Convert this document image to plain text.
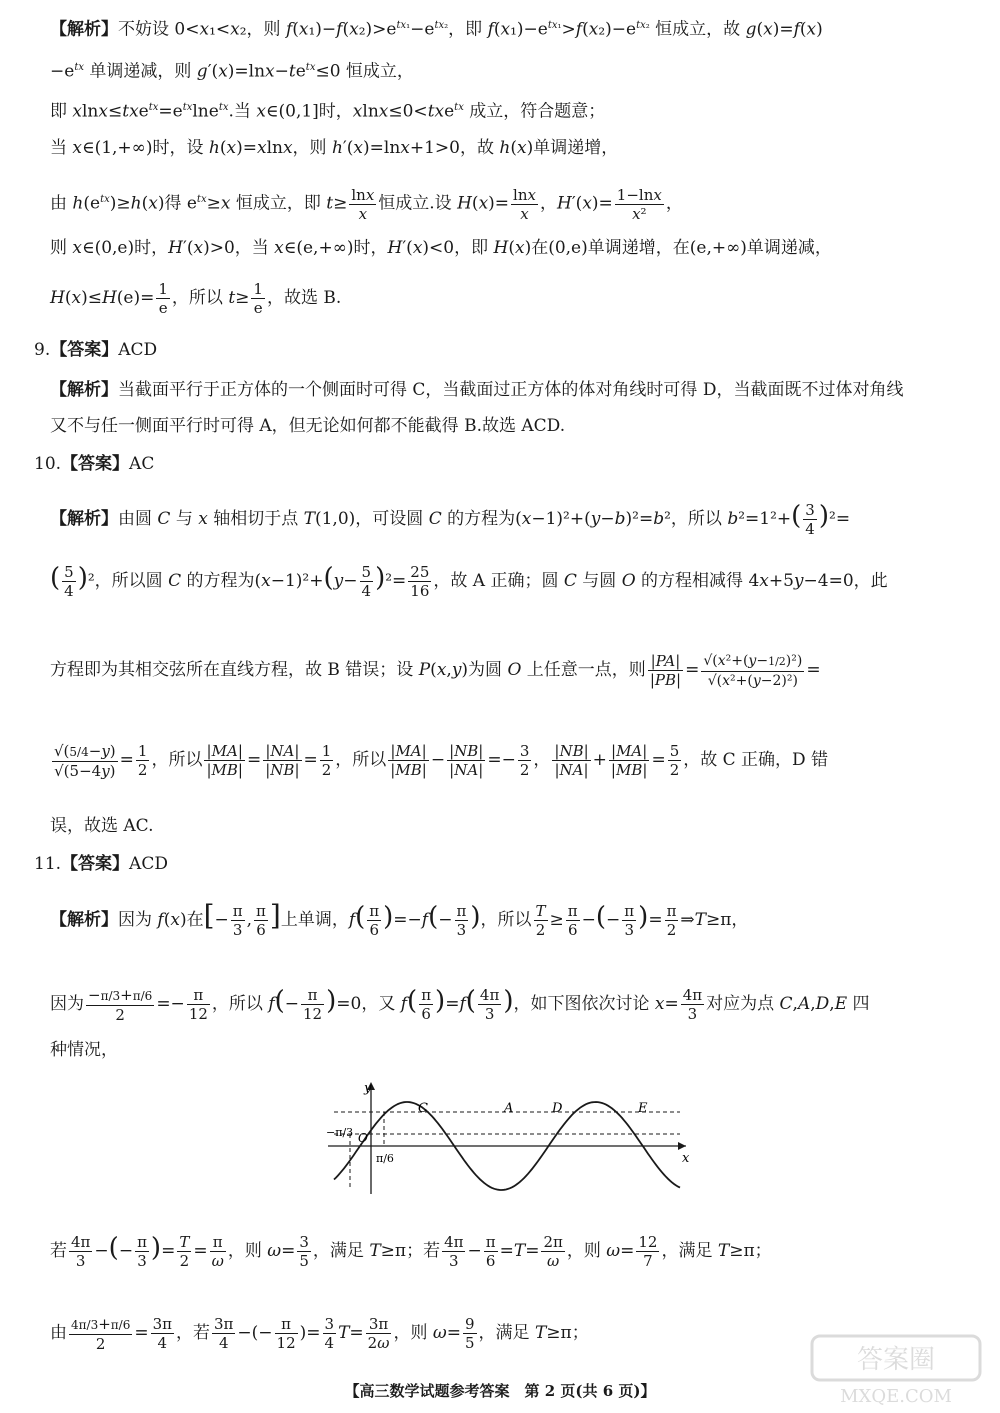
【解析】不妨设 0<x₁<x₂，则 $f(x_1)-f(x_2)>e^{tx_1}-e^{tx_2}$，即 $f(x_1)-e^{tx_1}>f(x_2)-e^{tx_2}$ 恒成立，故 g(x)=f(x)
$-e^{tx}$ 单调递减，则 $g'(x)=\ln x-te^{tx}\le 0$ 恒成立，
即 $xlnx\le txe^{tx}=e^{tx}\ln e^{tx}$.当 x∈(0,1]时，xlnx≤0<txe$^{tx}$ 成立，符合题意；
当 x∈(1,+∞)时，设 h(x)=xlnx，则 h′(x)=lnx+1>0，故 h(x)单调递增，
由 $h(e^{tx})\ge h(x)$得 $e^{tx}\ge x$ 恒成立，即 $t\ge \frac{\ln x}{x}$ 恒成立.设 $H(x)= \frac{\ln x}{x}$ ，$H'(x)= \frac{1-\ln x}{\text{x²}}$ ，
则 x∈(0,e)时，H′(x)>0，当 x∈(e,+∞)时，H′(x)<0，即 H(x)在(0,e)单调递增，在(e,+∞)单调递减，
$H(x)\le H(e)= \frac{1}{e}$ ，所以 $t\ge \frac{1}{e}$ ，故选 B.
9.【答案】ACD
【解析】当截面平行于正方体的一个侧面时可得 C，当截面过正方体的体对角线时可得 D，当截面既不过体对角线
又不与任一侧面平行时可得 A，但无论如何都不能截得 B.故选 ACD.
10.【答案】AC
【解析】由圆 C 与 x 轴相切于点 T(1,0)，可设圆 C 的方程为(x−1)²+(y−b)²=b²，所以 $b^2=1^2+( \frac{3}{4} )^2=$
( $\frac{5}{4} )^2$，所以圆 C 的方程为$(x-1)^2+(y- \frac{5}{4} )^2= \frac{25}{16}$ ，故 A 正确；圆 C 与圆 O 的方程相减得 4x+5y−4=0，此
方程即为其相交弦所在直线方程，故 B 错误；设 P(x,y)为圆 O 上任意一点，则 $\frac{|PA|}{|PB|} = \frac{\text{√(x²+(y−1/2)²)}}{\text{√(x²+(y−2)²)}}$ =
$\frac{√(5/4-y)}{√(5-4y)} = \frac{1}{2}$ ，所以 $\frac{|MA|}{|MB|} = \frac{|NA|}{|NB|} = \frac{1}{2}$ ，所以 $\frac{|MA|}{|MB|} - \frac{|NB|}{|NA|} =- \frac{3}{2}$ ， $\frac{|NB|}{|NA|} + \frac{|MA|}{|MB|} = \frac{5}{2}$ ，故 C 正确，D 错
误，故选 AC.
11.【答案】ACD
【解析】因为 f(x)在[− $\frac{\pi}{3}$ , $\frac{\pi}{6}$ ]上单调，$f( \frac{\pi}{6} )=-f(- \frac{\pi}{3}$ )，所以 $\frac{T}{2} \ge \frac{\pi}{6}$ −(− $\frac{\pi}{3}$ )= $\frac{\pi}{2}$ ⇒T≥π，
因为 $\frac{-\pi/3+\pi/6}{2} =- \frac{\pi}{12}$ ，所以 $f(- \frac{\pi}{12} )=0$，又 $f( \frac{\pi}{6} )=f( \frac{4\pi}{3}$ )，如下图依次讨论 $x= \frac{4\pi}{3}$ 对应为点 C,A,D,E 四
种情况，
y
x
O
−π/3
π/6
C	A	D	E
若 $\frac{4\pi}{3}$ −(− $\frac{\pi}{3}$ )= $\frac{T}{2} = \frac{\pi}{\omega}$ ，则 $\omega= \frac{3}{5}$ ，满足 T≥π；若 $\frac{4\pi}{3} - \frac{\pi}{6} =T= \frac{2\pi}{\omega}$ ，则 $\omega= \frac{12}{7}$ ，满足 T≥π；
由 $\frac{4\pi/3+\pi/6}{2} = \frac{3\pi}{4}$ ，若 $\frac{3\pi}{4}$ −(− $\frac{\pi}{12}$ )= $\frac{3}{4} T= \frac{3\pi}{2\omega}$ ，则 $\omega= \frac{9}{5}$ ，满足 T≥π；
【高三数学试题参考答案　第 2 页(共 6 页)】
答案圈
MXQE.COM
